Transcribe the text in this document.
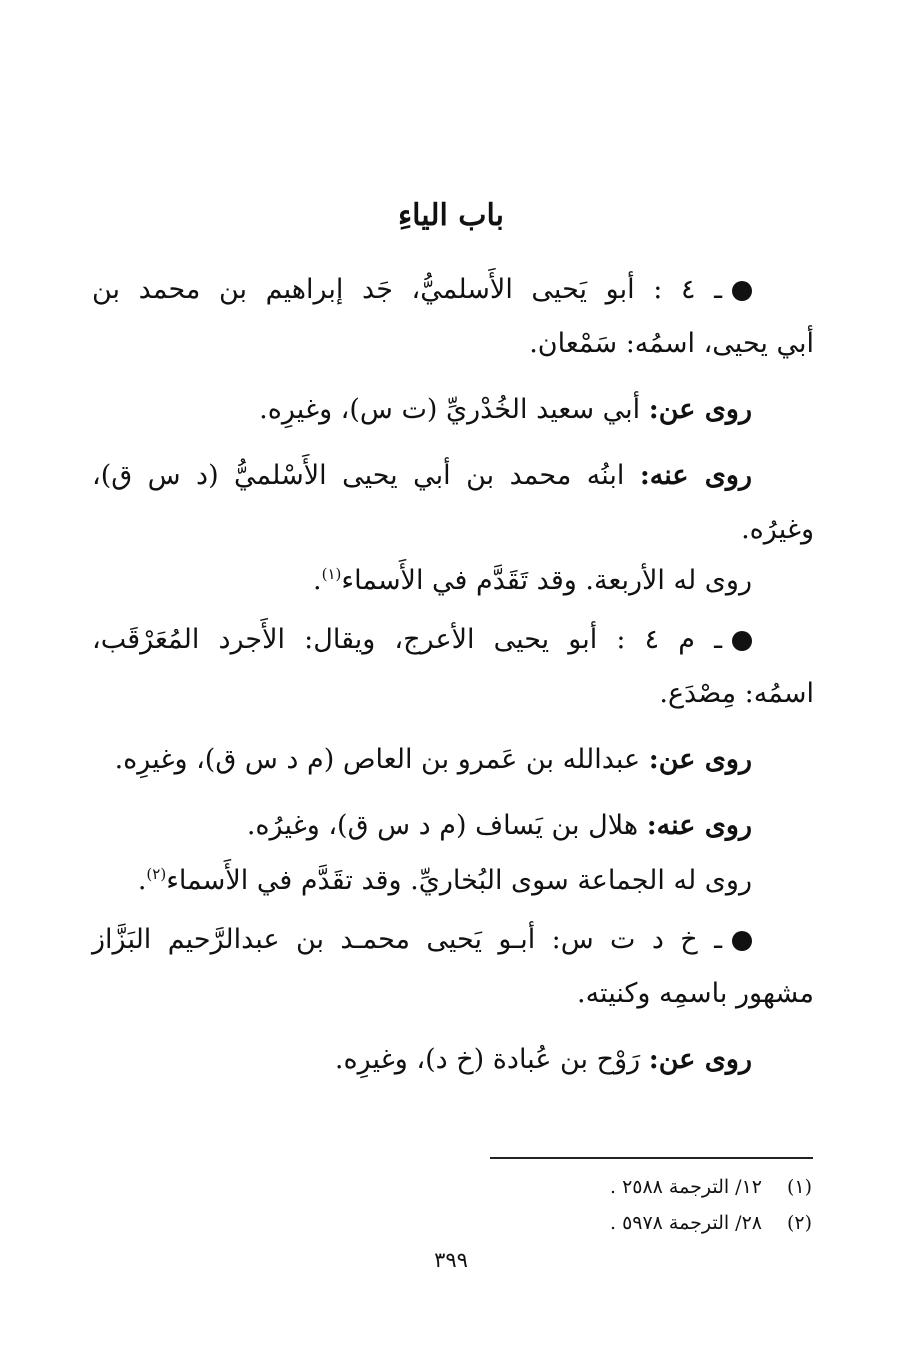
باب الياءِ
ـ ٤ : أبو يَحيى الأَسلميُّ، جَد إبراهيم بن محمد بن
أبي يحيى، اسمُه: سَمْعان.
روى عن: أبي سعيد الخُدْريِّ (ت س)، وغيرِه.
روى عنه: ابنُه محمد بن أبي يحيى الأَسْلميُّ (د س ق)،
وغيرُه.
روى له الأربعة. وقد تَقَدَّم في الأَسماء$^{(١)}$.
ـ م ٤ : أبو يحيى الأعرج، ويقال: الأَجرد المُعَرْقَب،
اسمُه: مِصْدَع.
روى عن: عبدالله بن عَمرو بن العاص (م د س ق)، وغيرِه.
روى عنه: هلال بن يَساف (م د س ق)، وغيرُه.
روى له الجماعة سوى البُخاريِّ. وقد تقَدَّم في الأَسماء$^{(٢)}$.
ـ خ د ت س: أبـو يَحيى محمـد بن عبدالرَّحيم البَزَّاز
مشهور باسمِه وكنيته.
روى عن: رَوْح بن عُبادة (خ د)، وغيرِه.
(١)١٢/ الترجمة ٢٥٨٨ .
(٢)٢٨/ الترجمة ٥٩٧٨ .
٣٩٩
